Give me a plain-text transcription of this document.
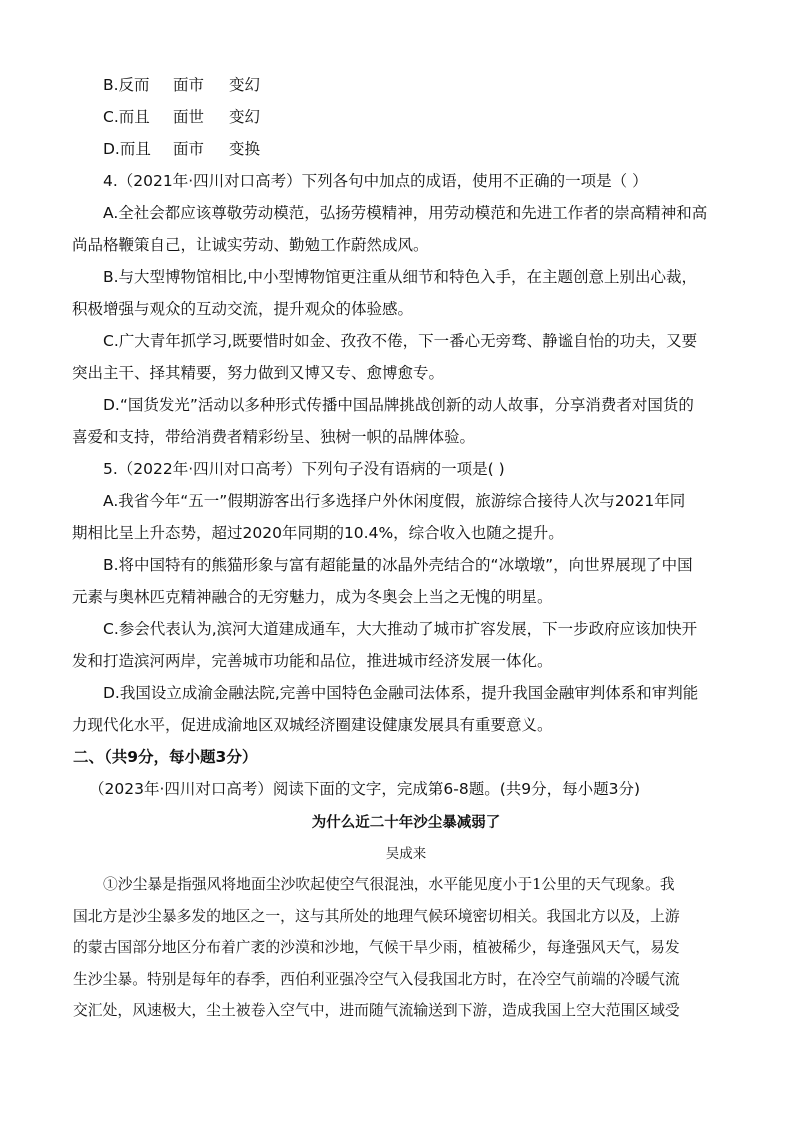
B.反而 面市 变幻
C.而且 面世 变幻
D.而且 面市 变换
4.（2021年·四川对口高考）下列各句中加点的成语，使用不正确的一项是（ ）
A.全社会都应该尊敬劳动模范，弘扬劳模精神，用劳动模范和先进工作者的崇高精神和高
尚品格鞭策自己，让诚实劳动、勤勉工作蔚然成风。
B.与大型博物馆相比,中小型博物馆更注重从细节和特色入手，在主题创意上别出心裁，
积极增强与观众的互动交流，提升观众的体验感。
C.广大青年抓学习,既要惜时如金、孜孜不倦，下一番心无旁骛、静谧自怡的功夫，又要
突出主干、择其精要，努力做到又博又专、愈博愈专。
D.“国货发光”活动以多种形式传播中国品牌挑战创新的动人故事，分享消费者对国货的
喜爱和支持，带给消费者精彩纷呈、独树一帜的品牌体验。
5.（2022年·四川对口高考）下列句子没有语病的一项是( )
A.我省今年“五一”假期游客出行多选择户外休闲度假，旅游综合接待人次与2021年同
期相比呈上升态势，超过2020年同期的10.4%，综合收入也随之提升。
B.将中国特有的熊猫形象与富有超能量的冰晶外壳结合的“冰墩墩”，向世界展现了中国
元素与奥林匹克精神融合的无穷魅力，成为冬奥会上当之无愧的明星。
C.参会代表认为,滨河大道建成通车，大大推动了城市扩容发展，下一步政府应该加快开
发和打造滨河两岸，完善城市功能和品位，推进城市经济发展一体化。
D.我国设立成渝金融法院,完善中国特色金融司法体系，提升我国金融审判体系和审判能
力现代化水平，促进成渝地区双城经济圈建设健康发展具有重要意义。
二、（共9分，每小题3分）
（2023年·四川对口高考）阅读下面的文字，完成第6-8题。(共9分，每小题3分)
为什么近二十年沙尘暴减弱了
吴成来
①沙尘暴是指强风将地面尘沙吹起使空气很混浊，水平能见度小于1公里的天气现象。我
国北方是沙尘暴多发的地区之一，这与其所处的地理气候环境密切相关。我国北方以及，上游
的蒙古国部分地区分布着广袤的沙漠和沙地，气候干旱少雨，植被稀少，每逢强风天气，易发
生沙尘暴。特别是每年的春季，西伯利亚强冷空气入侵我国北方时，在冷空气前端的冷暖气流
交汇处，风速极大，尘土被卷入空气中，进而随气流输送到下游，造成我国上空大范围区域受
